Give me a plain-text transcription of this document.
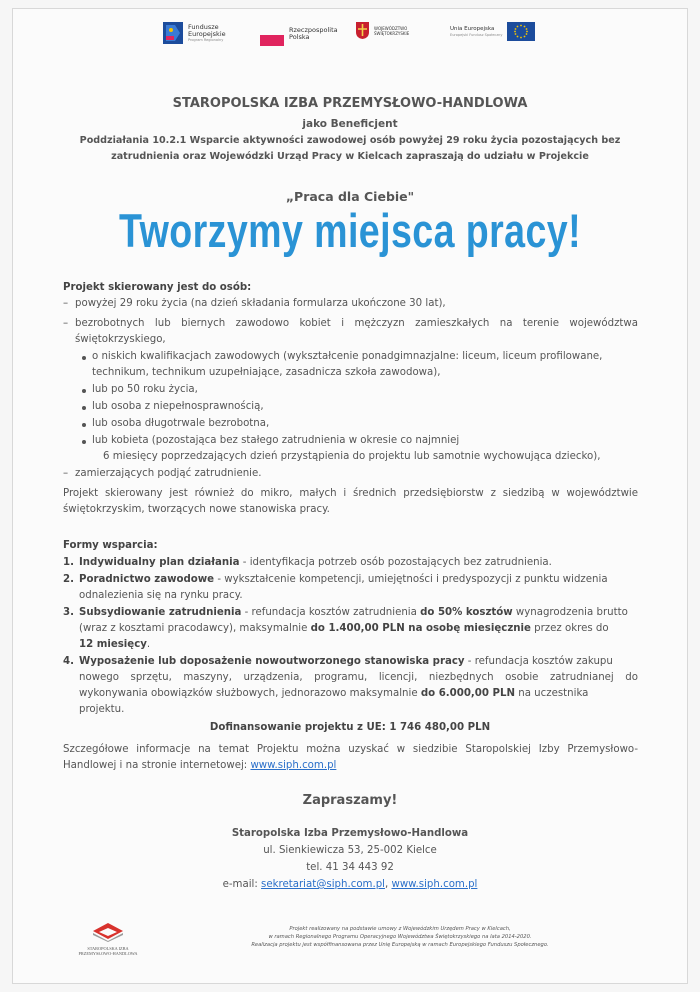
Fundusze
Europejskie
Program Regionalny
Rzeczpospolita
Polska
WOJEWÓDZTWO
ŚWIĘTOKRZYSKIE
Unia Europejska
Europejski Fundusz Społeczny
STAROPOLSKA IZBA PRZEMYSŁOWO-HANDLOWA
jako Beneficjent
Poddziałania 10.2.1 Wsparcie aktywności zawodowej osób powyżej 29 roku życia pozostających bez
zatrudnienia oraz Wojewódzki Urząd Pracy w Kielcach zapraszają do udziału w Projekcie
„Praca dla Ciebie"
Tworzymy miejsca pracy!
Projekt skierowany jest do osób:
– powyżej 29 roku życia (na dzień składania formularza ukończone 30 lat),
– bezrobotnych lub biernych zawodowo kobiet i mężczyzn zamieszkałych na terenie województwa
świętokrzyskiego,
o niskich kwalifikacjach zawodowych (wykształcenie ponadgimnazjalne: liceum, liceum profilowane,
technikum, technikum uzupełniające, zasadnicza szkoła zawodowa),
lub po 50 roku życia,
lub osoba z niepełnosprawnością,
lub osoba długotrwale bezrobotna,
lub kobieta (pozostająca bez stałego zatrudnienia w okresie co najmniej
6 miesięcy poprzedzających dzień przystąpienia do projektu lub samotnie wychowująca dziecko),
– zamierzających podjąć zatrudnienie.
Projekt skierowany jest również do mikro, małych i średnich przedsiębiorstw z siedzibą w województwie
świętokrzyskim, tworzących nowe stanowiska pracy.
Formy wsparcia:
1. Indywidualny plan działania - identyfikacja potrzeb osób pozostających bez zatrudnienia.
2. Poradnictwo zawodowe - wykształcenie kompetencji, umiejętności i predyspozycji z punktu widzenia
odnalezienia się na rynku pracy.
3. Subsydiowanie zatrudnienia - refundacja kosztów zatrudnienia do 50% kosztów wynagrodzenia brutto
(wraz z kosztami pracodawcy), maksymalnie do 1.400,00 PLN na osobę miesięcznie przez okres do
12 miesięcy.
4. Wyposażenie lub doposażenie nowoutworzonego stanowiska pracy - refundacja kosztów zakupu
nowego sprzętu, maszyny, urządzenia, programu, licencji, niezbędnych osobie zatrudnianej do
wykonywania obowiązków służbowych, jednorazowo maksymalnie do 6.000,00 PLN na uczestnika
projektu.
Dofinansowanie projektu z UE: 1 746 480,00 PLN
Szczegółowe informacje na temat Projektu można uzyskać w siedzibie Staropolskiej Izby Przemysłowo-
Handlowej i na stronie internetowej: www.siph.com.pl
Zapraszamy!
Staropolska Izba Przemysłowo-Handlowa
ul. Sienkiewicza 53, 25-002 Kielce
tel. 41 34 443 92
e-mail: sekretariat@siph.com.pl, www.siph.com.pl
STAROPOLSKA IZBA
PRZEMYSŁOWO-HANDLOWA
Projekt realizowany na podstawie umowy z Wojewódzkim Urzędem Pracy w Kielcach,
w ramach Regionalnego Programu Operacyjnego Województwa Świętokrzyskiego na lata 2014-2020.
Realizacja projektu jest współfinansowana przez Unię Europejską w ramach Europejskiego Funduszu Społecznego.
